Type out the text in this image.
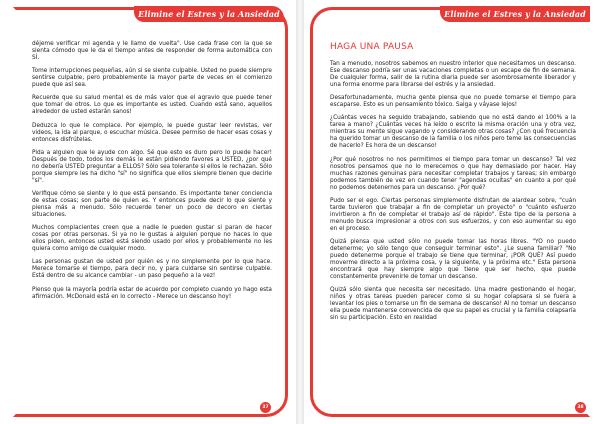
Elimine el Estres y la Ansiedad

déjeme verificar mi agenda y le llamo de vuelta". Use cada frase con la que se sienta cómodo que le da el tiempo antes de responder de forma automática con SÍ.

Tome interrupciones pequeñas, aún si se siente culpable. Usted no puede siempre sentirse culpable, pero probablemente la mayor parte de veces en el comienzo puede que así sea.

Recuerde que su salud mental es de más valor que el agravio que puede tener que tomar de otros. Lo que es importante es usted. Cuando está sano, aquellos alrededor de usted estarán sanos!

Deduzca lo que le complace. Por ejemplo, le puede gustar leer revistas, ver videos, la ida al parque, o escuchar música. Desee permiso de hacer esas cosas y entonces disfrútelas.

Pida a alguien que le ayude con algo. Sé que esto es duro pero lo puede hacer! Después de todo, todos los demás le están pidiendo favores a USTED, ¿por qué no debería USTED preguntar a ELLOS? Sólo sea tolerante si ellos le rechazan. Sólo porque siempre les ha dicho "sí" no significa que ellos siempre tienen que decirle "sí".

Verifique cómo se siente y lo que está pensando. Es importante tener conciencia de estas cosas; son parte de quien es. Y entonces puede decir lo que siente y piensa más a menudo. Sólo recuerde tener un poco de decoro en ciertas situaciones.

Muchos complacientes creen que a nadie le pueden gustar si paran de hacer cosas por otras personas. Si ya no le gustas a alguien porque no haces lo que ellos piden, entonces usted está siendo usado por ellos y probablemente no les quiera como amigo de cualquier modo.

Las personas gustan de usted por quién es y no simplemente por lo que hace. Merece tomarse el tiempo, para decir no, y para cuidarse sin sentirse culpable. Está dentro de su alcance cambiar - un paso pequeño a la vez!

Pienso que la mayoría podría estar de acuerdo por completo cuando yo hago esta afirmación. McDonald está en lo correcto - Merece un descanso hoy!

37
Elimine el Estres y la Ansiedad
HAGA UNA PAUSA

Tan a menudo, nosotros sabemos en nuestro interior que necesitamos un descanso. Ese descanso podría ser unas vacaciones completas o un escape de fin de semana. De cualquier forma, salir de la rutina diaria puede ser asombrosamente liberador y una forma enorme para librarse del estrés y la ansiedad.

Desafortunadamente, mucha gente piensa que no puede tomarse el tiempo para escaparse. Esto es un pensamiento tóxico. Salga y váyase lejos!

¿Cuántas veces ha seguido trabajando, sabiendo que no está dando el 100% a la tarea a mano? ¿Cuántas veces ha leído o escrito la misma oración una y otra vez, mientras su mente sigue vagando y considerando otras cosas? ¿Con qué frecuencia ha querido tomar un descanso de la familia o los niños pero teme las consecuencias de hacerlo? Es hora de un descanso!

¿Por qué nosotros no nos permitimos el tiempo para tomar un descanso? Tal vez nosotros pensamos que no lo merecemos o que hay demasiado por hacer. Hay muchas razones genuinas para necesitar completar trabajos y tareas; sin embargo podemos también de vez en cuando tener "agendas ocultas" en cuanto a por qué no podemos detenernos para un descanso. ¿Por qué?

Pudo ser el ego. Ciertas personas simplemente disfrutan de alardear sobre, "cuán tarde tuvieron que trabajar a fin de completar un proyecto" o "cuánto esfuerzo invirtieron a fin de completar el trabajo así de rápido". Este tipo de la persona a menudo busca impresionar a otros con sus esfuerzos, y con eso aumentar su ego en el proceso.

Quizá piensa que usted sólo no puede tomar las horas libres. "YO no puedo detenerme; yo sólo tengo que conseguir terminar esto". ¿Le suena familiar? "No puedo detenerme porque el trabajo se tiene que terminar, ¡POR QUÉ? Así puedo moverme directo a la próxima cosa, y la siguiente, y la próxima etc." Esta persona encontrará que hay siempre algo que tiene que ser hecho, que puede constantemente prevenirle de tomar un descanso.

Quizá sólo sienta que necesita ser necesitado. Una madre gestionando el hogar, niños y otras tareas pueden parecer como si su hogar colapsara si se fuera a levantar los pies o tomarse un fin de semana de descanso! Al no tomar un descanso ella puede mantenerse convencida de que su papel es crucial y la familia colapsaría sin su participación. Esto en realidad

38
